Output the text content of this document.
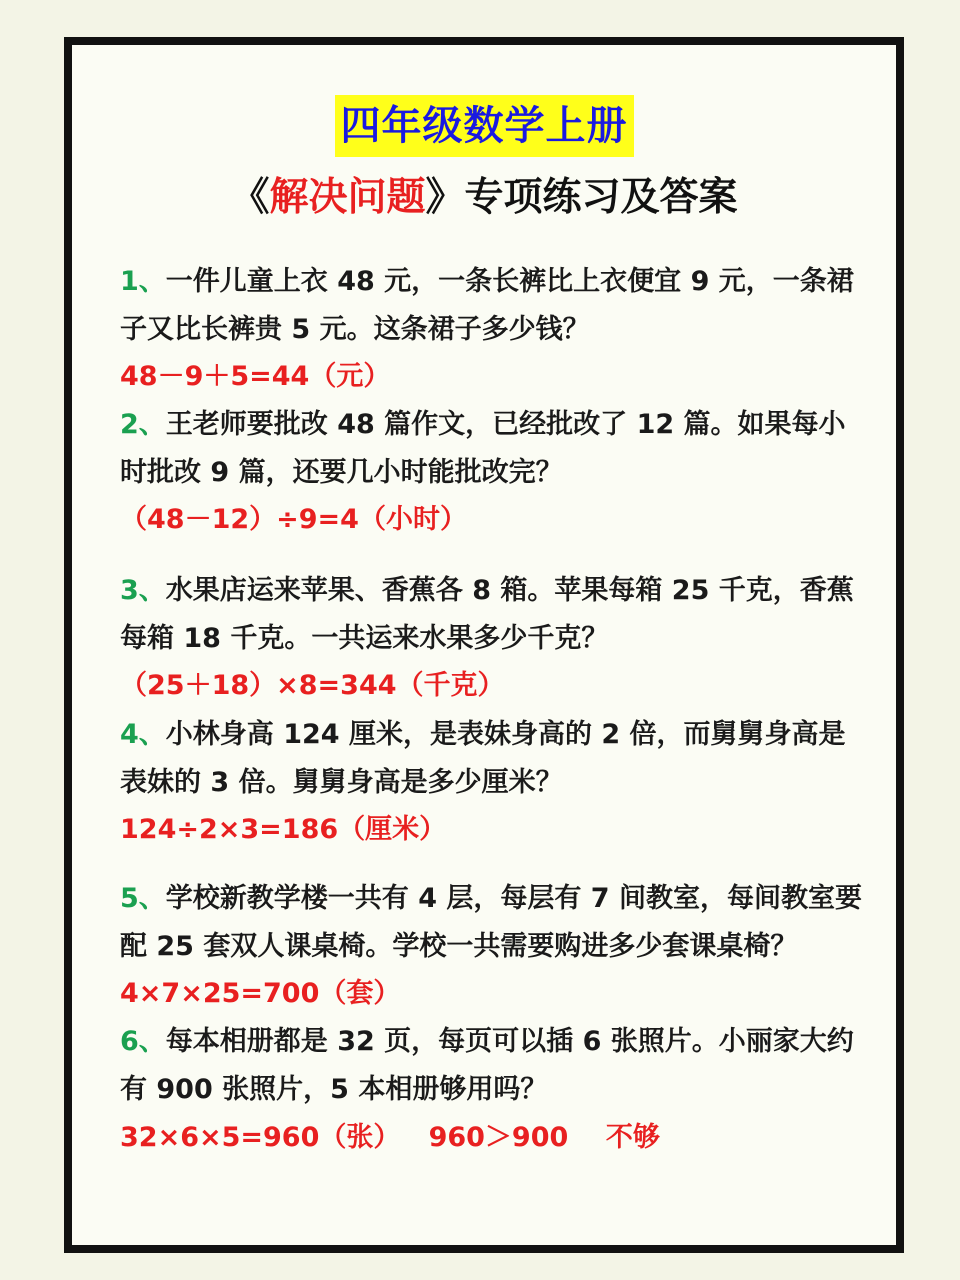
四年级数学上册
《解决问题》专项练习及答案
1、一件儿童上衣 48 元，一条长裤比上衣便宜 9 元，一条裙
子又比长裤贵 5 元。这条裙子多少钱？
48－9＋5=44（元）
2、王老师要批改 48 篇作文，已经批改了 12 篇。如果每小
时批改 9 篇，还要几小时能批改完？
（48－12）÷9=4（小时）
3、水果店运来苹果、香蕉各 8 箱。苹果每箱 25 千克，香蕉
每箱 18 千克。一共运来水果多少千克？
（25＋18）×8=344（千克）
4、小林身高 124 厘米，是表妹身高的 2 倍，而舅舅身高是
表妹的 3 倍。舅舅身高是多少厘米？
124÷2×3=186（厘米）
5、学校新教学楼一共有 4 层，每层有 7 间教室，每间教室要
配 25 套双人课桌椅。学校一共需要购进多少套课桌椅？
4×7×25=700（套）
6、每本相册都是 32 页，每页可以插 6 张照片。小丽家大约
有 900 张照片，5 本相册够用吗？
32×6×5=960（张）   960＞900    不够
